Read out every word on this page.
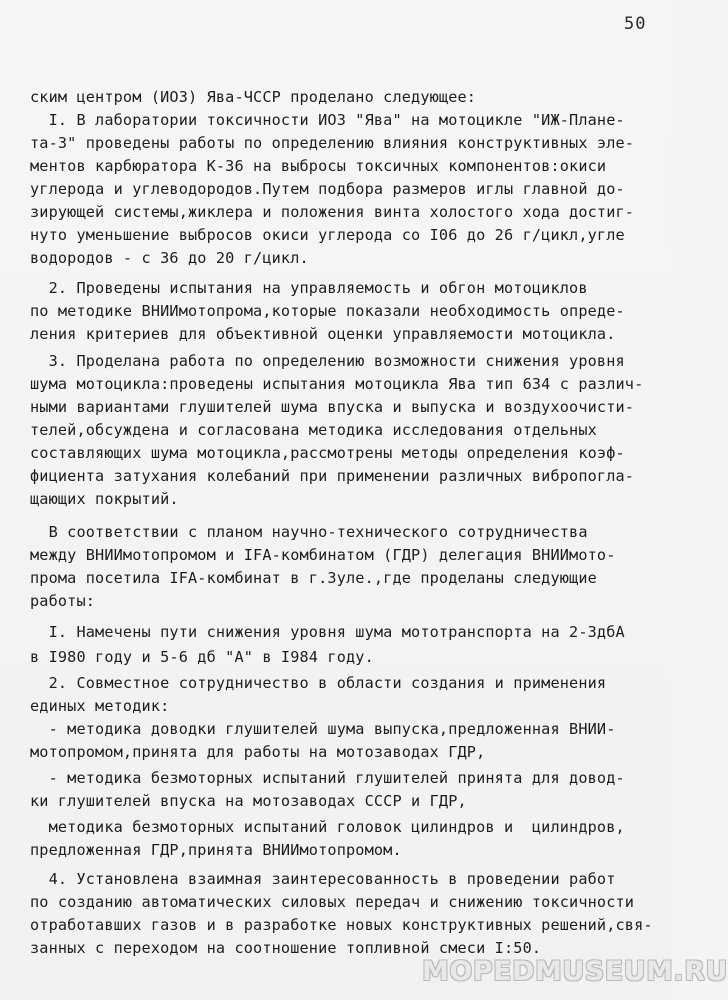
50
ским центром (ИОЗ) Ява-ЧССР проделано следующее:
I. В лаборатории токсичности ИОЗ "Ява" на мотоцикле "ИЖ-Плане-
та-3" проведены работы по определению влияния конструктивных эле-
ментов карбюратора К-36 на выбросы токсичных компонентов:окиси
углерода и углеводородов.Путем подбора размеров иглы главной до-
зирующей системы,жиклера и положения винта холостого хода достиг-
нуто уменьшение выбросов окиси углерода со I06 до 26 г/цикл,угле
водородов - с 36 до 20 г/цикл.
2. Проведены испытания на управляемость и обгон мотоциклов
по методике ВНИИмотопрома,которые показали необходимость опреде-
ления критериев для объективной оценки управляемости мотоцикла.
3. Проделана работа по определению возможности снижения уровня
шума мотоцикла:проведены испытания мотоцикла Ява тип 634 с различ-
ными вариантами глушителей шума впуска и выпуска и воздухоочисти-
телей,обсуждена и согласована методика исследования отдельных
составляющих шума мотоцикла,рассмотрены методы определения коэф-
фициента затухания колебаний при применении различных вибропогла-
щающих покрытий.
В соответствии с планом научно-технического сотрудничества
между ВНИИмотопромом и IFA-комбинатом (ГДР) делегация ВНИИмото-
прома посетила IFA-комбинат в г.Зуле.,где проделаны следующие
работы:
I. Намечены пути снижения уровня шума мототранспорта на 2-3дбА
в I980 году и 5-6 дб "А" в I984 году.
2. Совместное сотрудничество в области создания и применения
единых методик:
- методика доводки глушителей шума выпуска,предложенная ВНИИ-
мотопромом,принята для работы на мотозаводах ГДР,
- методика безмоторных испытаний глушителей принята для довод-
ки глушителей впуска на мотозаводах СССР и ГДР,
методика безмоторных испытаний головок цилиндров и  цилиндров,
предложенная ГДР,принята ВНИИмотопромом.
4. Установлена взаимная заинтересованность в проведении работ
по созданию автоматических силовых передач и снижению токсичности
отработавших газов и в разработке новых конструктивных решений,свя-
занных с переходом на соотношение топливной смеси I:50.
MOPEDMUSEUM.RU
